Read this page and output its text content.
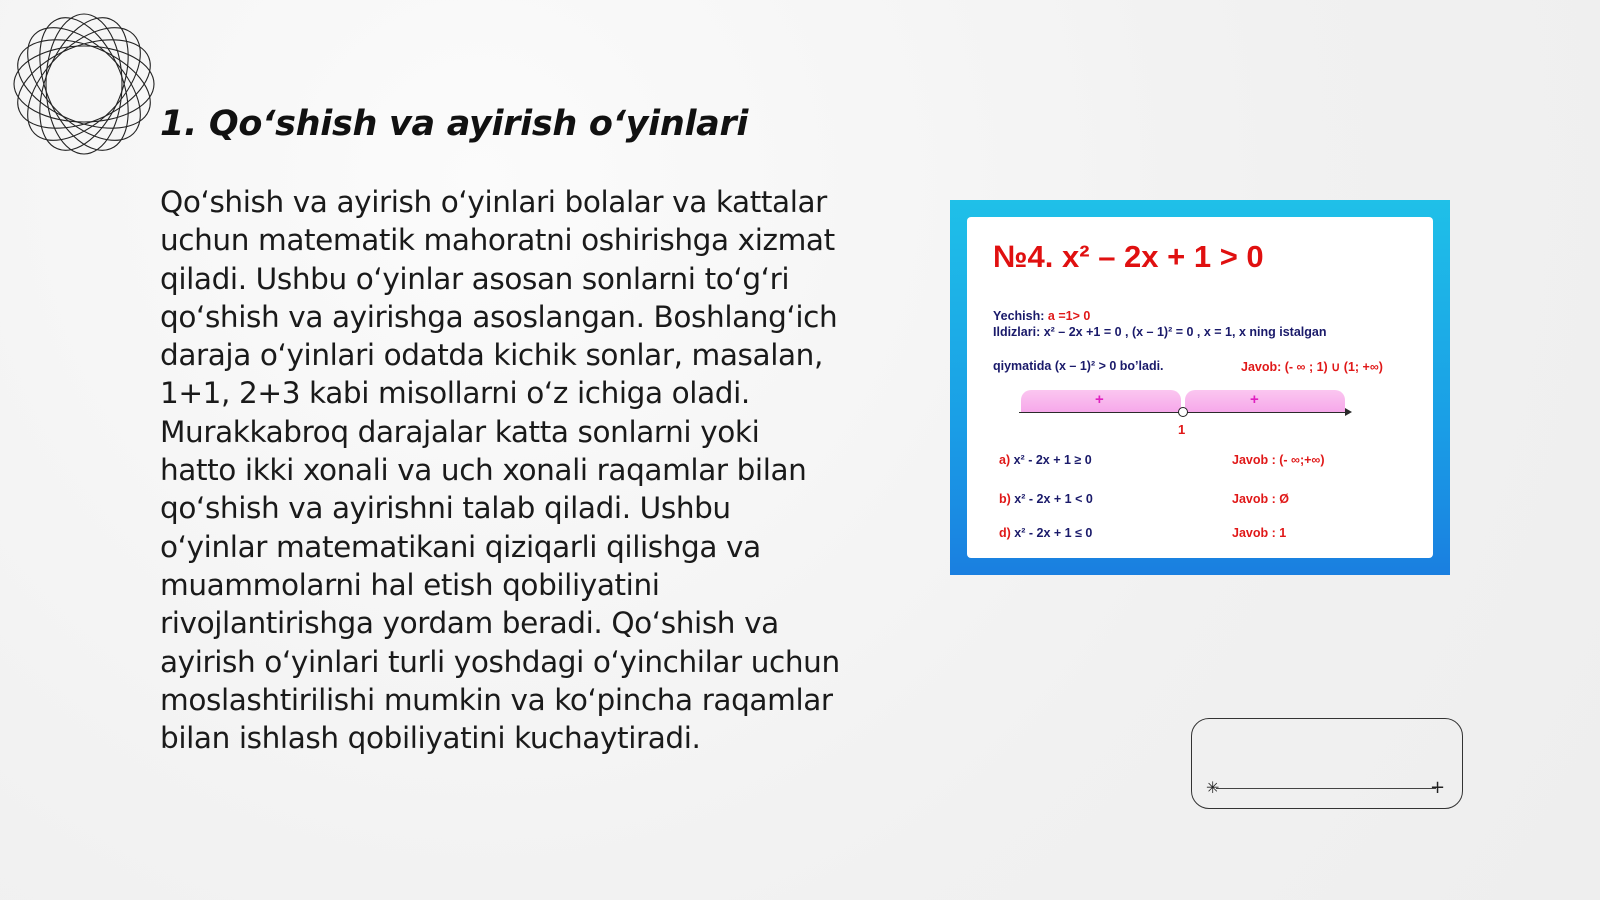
1. Qo‘shish va ayirish o‘yinlari

Qo‘shish va ayirish o‘yinlari bolalar va kattalar uchun matematik mahoratni oshirishga xizmat qiladi. Ushbu o‘yinlar asosan sonlarni to‘g‘ri qo‘shish va ayirishga asoslangan. Boshlang‘ich daraja o‘yinlari odatda kichik sonlar, masalan, 1+1, 2+3 kabi misollarni o‘z ichiga oladi. Murakkabroq darajalar katta sonlarni yoki hatto ikki xonali va uch xonali raqamlar bilan qo‘shish va ayirishni talab qiladi. Ushbu o‘yinlar matematikani qiziqarli qilishga va muammolarni hal etish qobiliyatini rivojlantirishga yordam beradi. Qo‘shish va ayirish o‘yinlari turli yoshdagi o‘yinchilar uchun moslashtirilishi mumkin va ko‘pincha raqamlar bilan ishlash qobiliyatini kuchaytiradi.

№4. x² – 2x + 1 > 0
Yechish: a =1> 0
Ildizlari: x² – 2x +1 = 0 , (x – 1)² = 0 , x = 1, x ning istalgan
qiymatida (x – 1)² > 0 bo’ladi.	Javob: (- ∞ ; 1) ∪ (1; +∞)
+	+
1
a) x² - 2x + 1 ≥ 0	Javob : (- ∞;+∞)
b) x² - 2x + 1 < 0	Javob : Ø
d) x² - 2x + 1 ≤ 0	Javob : 1
✳	+
